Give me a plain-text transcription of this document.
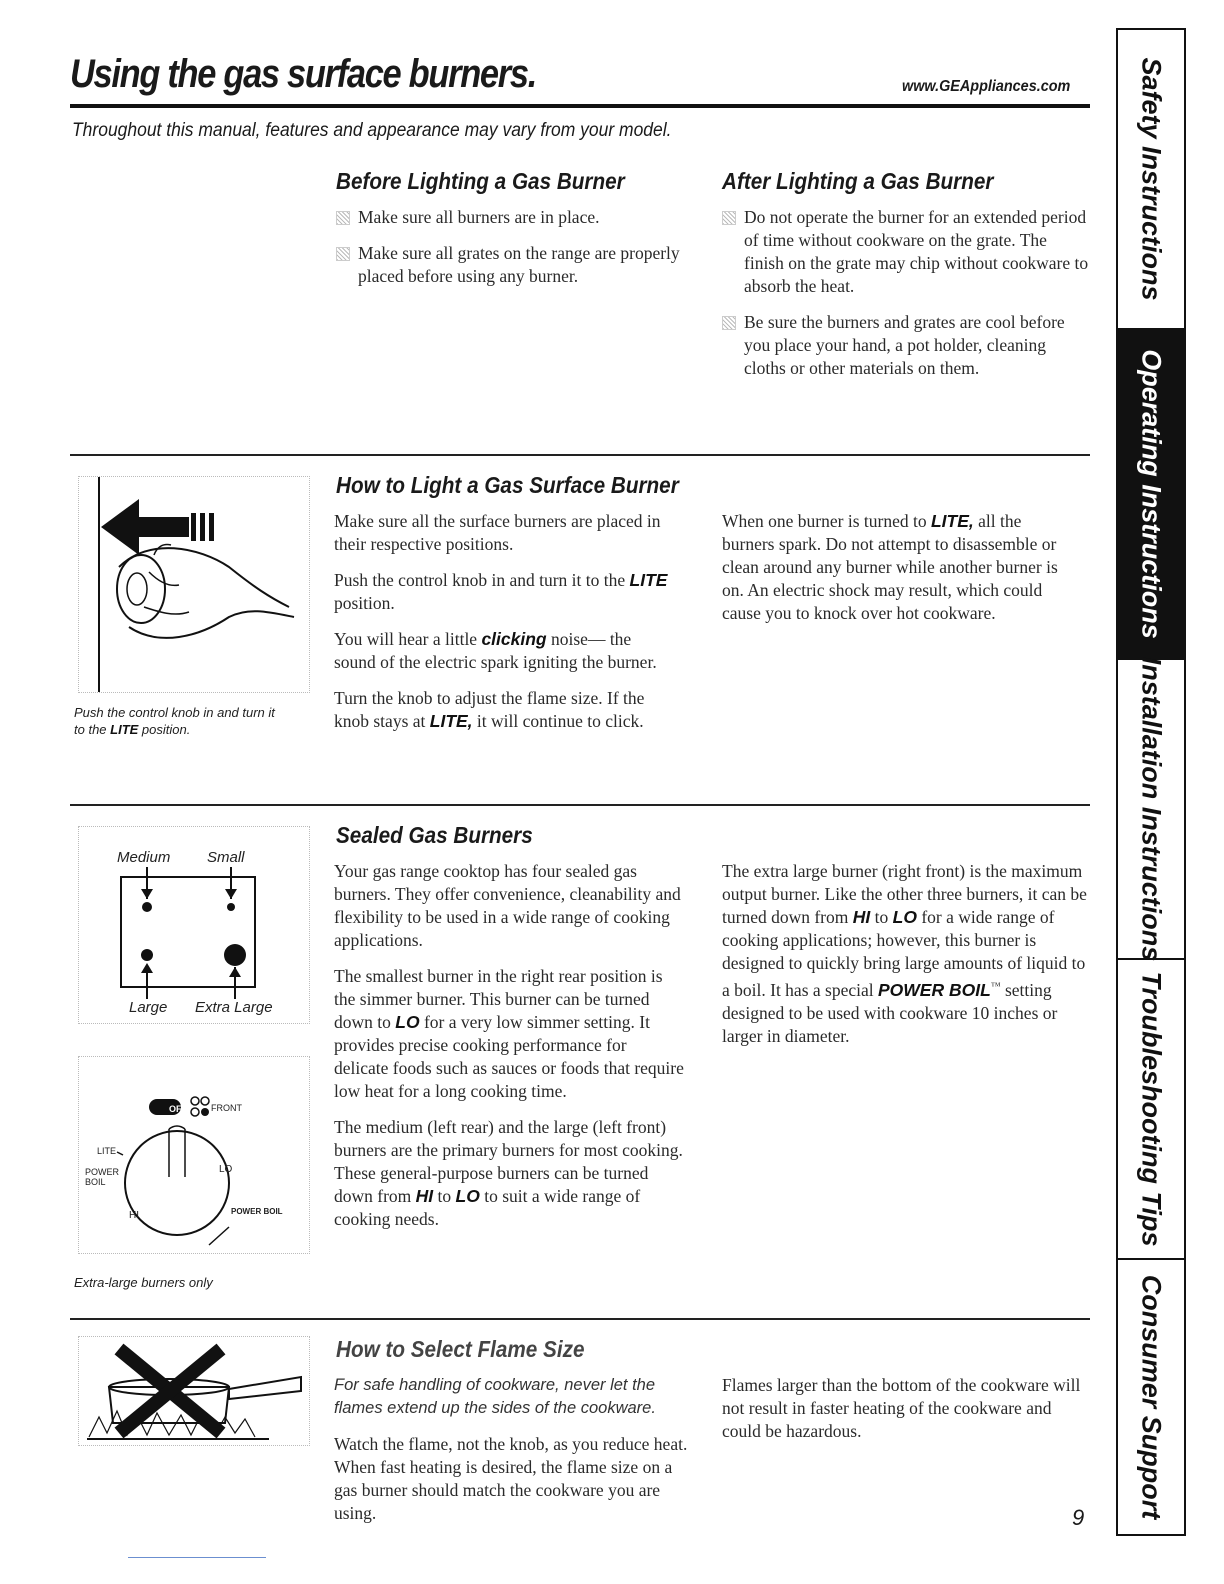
Using the gas surface burners.	www.GEAppliances.com
Throughout this manual, features and appearance may vary from your model.
Before Lighting a Gas Burner
Make sure all burners are in place.
Make sure all grates on the range are properly placed before using any burner.
After Lighting a Gas Burner
Do not operate the burner for an extended period of time without cookware on the grate. The finish on the grate may chip without cookware to absorb the heat.
Be sure the burners and grates are cool before you place your hand, a pot holder, cleaning cloths or other materials on them.
Push the control knob in and turn it
to the LITE position.
How to Light a Gas Surface Burner

Make sure all the surface burners are placed in their respective positions.

Push the control knob in and turn it to the LITE position.

You will hear a little clicking noise— the sound of the electric spark igniting the burner.

Turn the knob to adjust the flame size. If the knob stays at LITE, it will continue to click.

When one burner is turned to LITE, all the burners spark. Do not attempt to disassemble or clean around any burner while another burner is on. An electric shock may result, which could cause you to knock over hot cookware.

Medium Small
Large Extra Large
OFF	FRONT
LITE
POWER
BOIL
HI
LO
POWER BOIL
Extra-large burners only
Sealed Gas Burners

Your gas range cooktop has four sealed gas burners. They offer convenience, cleanability and flexibility to be used in a wide range of cooking applications.

The smallest burner in the right rear position is the simmer burner. This burner can be turned down to LO for a very low simmer setting. It provides precise cooking performance for delicate foods such as sauces or foods that require low heat for a long cooking time.

The medium (left rear) and the large (left front) burners are the primary burners for most cooking. These general-purpose burners can be turned down from HI to LO to suit a wide range of cooking needs.

The extra large burner (right front) is the maximum output burner. Like the other three burners, it can be turned down from HI to LO for a wide range of cooking applications; however, this burner is designed to quickly bring large amounts of liquid to a boil. It has a special POWER BOIL™ setting designed to be used with cookware 10 inches or larger in diameter.

How to Select Flame Size

For safe handling of cookware, never let the flames extend up the sides of the cookware.

Watch the flame, not the knob, as you reduce heat. When fast heating is desired, the flame size on a gas burner should match the cookware you are using.

Flames larger than the bottom of the cookware will not result in faster heating of the cookware and could be hazardous.

Safety Instructions
Operating Instructions
Installation Instructions
Troubleshooting Tips
Consumer Support
9
